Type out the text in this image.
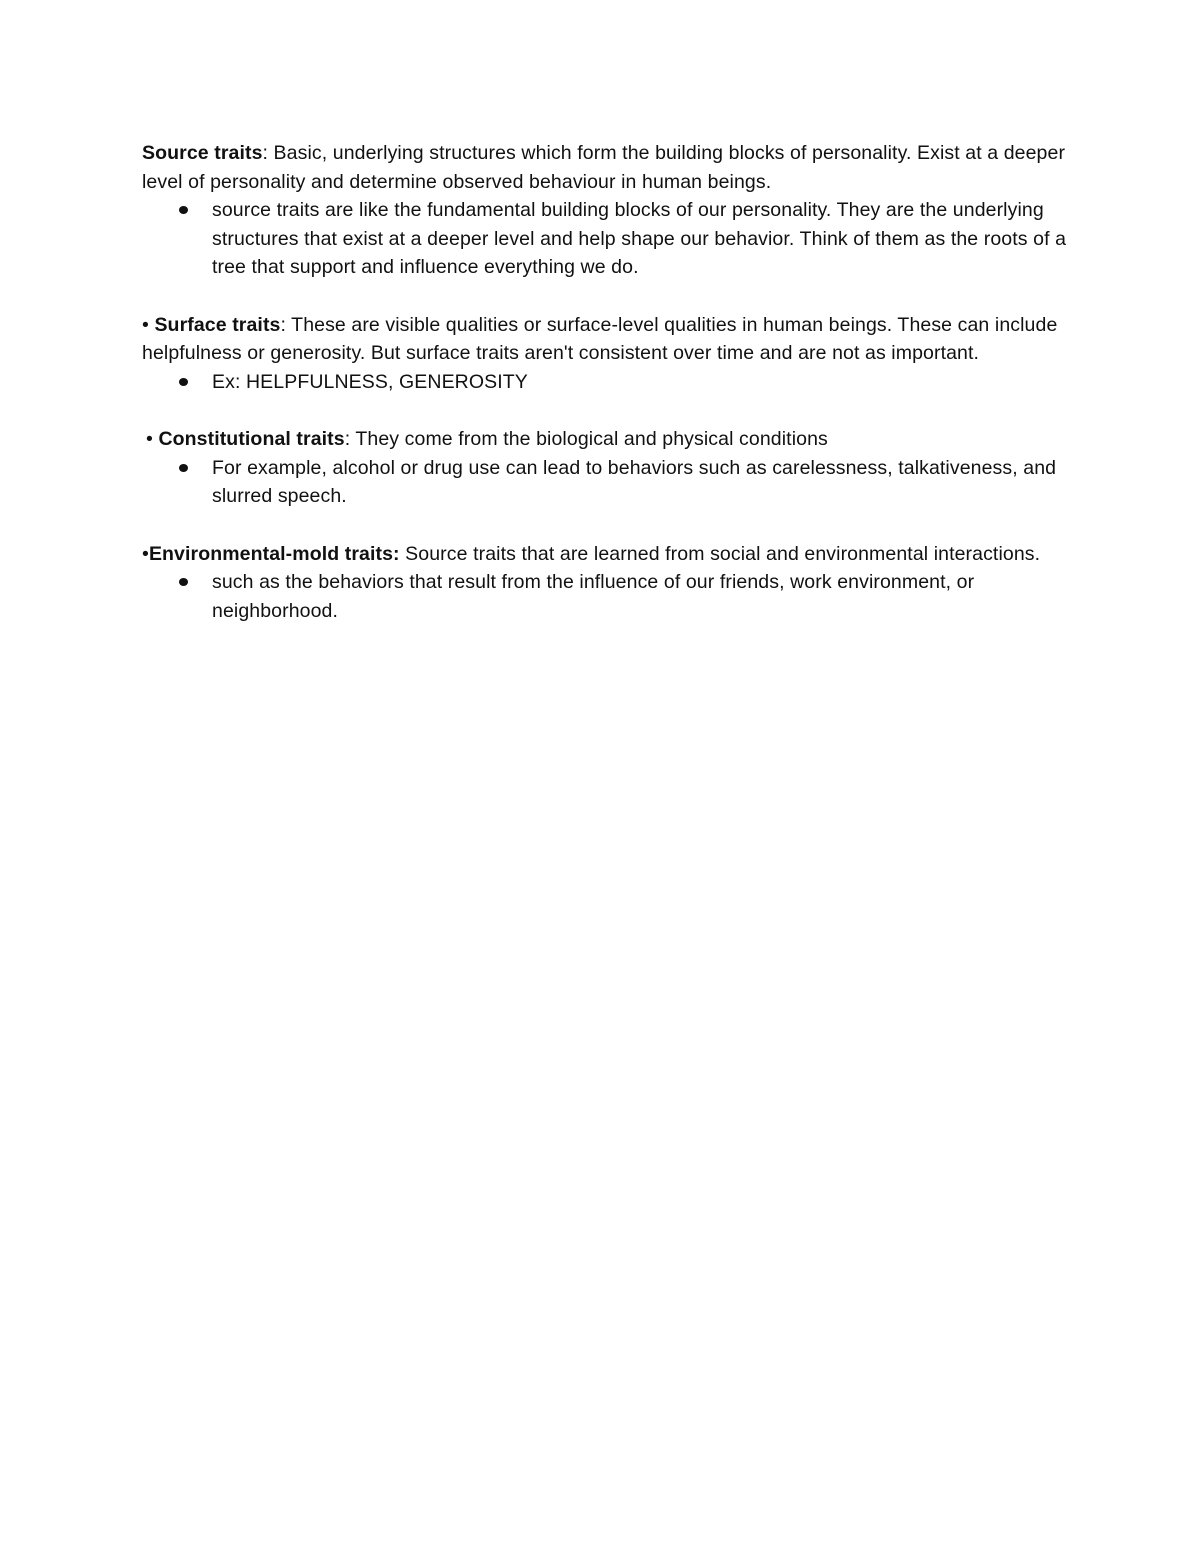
Source traits: Basic, underlying structures which form the building blocks of personality. Exist at a deeper level of personality and determine observed behaviour in human beings.

source traits are like the fundamental building blocks of our personality. They are the underlying structures that exist at a deeper level and help shape our behavior. Think of them as the roots of a tree that support and influence everything we do.

• Surface traits: These are visible qualities or surface-level qualities in human beings. These can include helpfulness or generosity. But surface traits aren't consistent over time and are not as important.

Ex: HELPFULNESS, GENEROSITY

• Constitutional traits: They come from the biological and physical conditions

For example, alcohol or drug use can lead to behaviors such as carelessness, talkativeness, and slurred speech.

•Environmental-mold traits: Source traits that are learned from social and environmental interactions.

such as the behaviors that result from the influence of our friends, work environment, or neighborhood.
